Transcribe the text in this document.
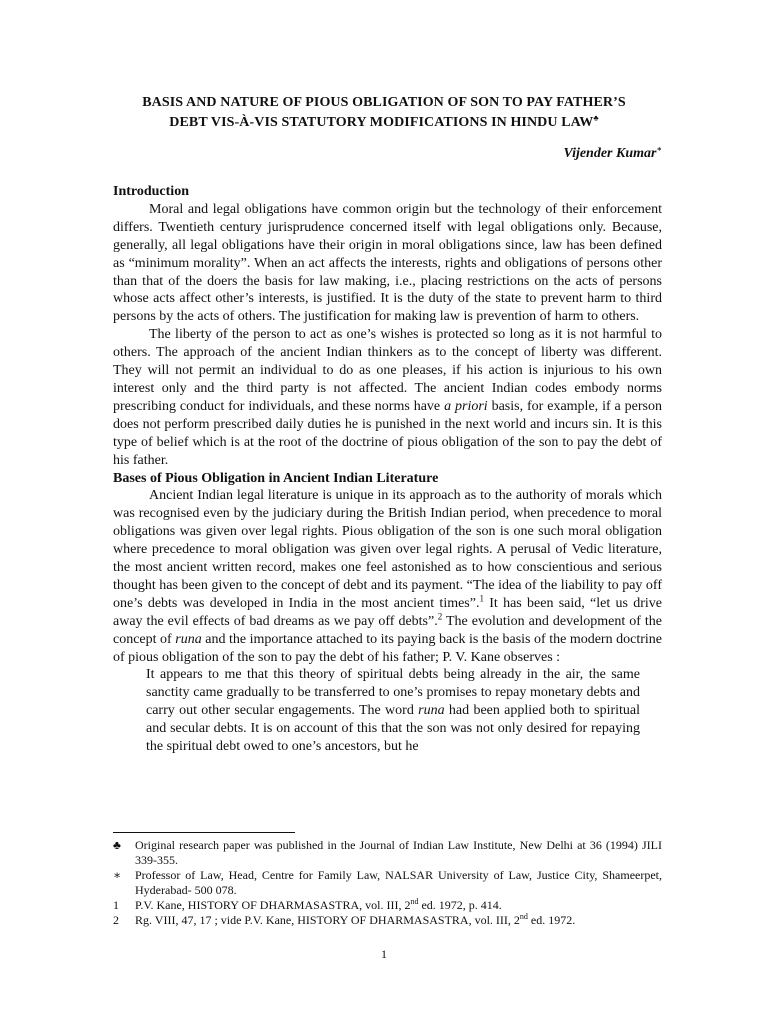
BASIS AND NATURE OF PIOUS OBLIGATION OF SON TO PAY FATHER’S
DEBT VIS-À-VIS STATUTORY MODIFICATIONS IN HINDU LAW♣
Vijender Kumar∗
Introduction

Moral and legal obligations have common origin but the technology of their enforcement differs. Twentieth century jurisprudence concerned itself with legal obligations only. Because, generally, all legal obligations have their origin in moral obligations since, law has been defined as “minimum morality”. When an act affects the interests, rights and obligations of persons other than that of the doers the basis for law making, i.e., placing restrictions on the acts of persons whose acts affect other’s interests, is justified. It is the duty of the state to prevent harm to third persons by the acts of others. The justification for making law is prevention of harm to others.

The liberty of the person to act as one’s wishes is protected so long as it is not harmful to others. The approach of the ancient Indian thinkers as to the concept of liberty was different. They will not permit an individual to do as one pleases, if his action is injurious to his own interest only and the third party is not affected. The ancient Indian codes embody norms prescribing conduct for individuals, and these norms have a priori basis, for example, if a person does not perform prescribed daily duties he is punished in the next world and incurs sin. It is this type of belief which is at the root of the doctrine of pious obligation of the son to pay the debt of his father.

Bases of Pious Obligation in Ancient Indian Literature

Ancient Indian legal literature is unique in its approach as to the authority of morals which was recognised even by the judiciary during the British Indian period, when precedence to moral obligations was given over legal rights. Pious obligation of the son is one such moral obligation where precedence to moral obligation was given over legal rights. A perusal of Vedic literature, the most ancient written record, makes one feel astonished as to how conscientious and serious thought has been given to the concept of debt and its payment. “The idea of the liability to pay off one’s debts was developed in India in the most ancient times”.$^1$ It has been said, “let us drive away the evil effects of bad dreams as we pay off debts”.$^2$ The evolution and development of the concept of runa and the importance attached to its paying back is the basis of the modern doctrine of pious obligation of the son to pay the debt of his father; P. V. Kane observes :

It appears to me that this theory of spiritual debts being already in the air, the same sanctity came gradually to be transferred to one’s promises to repay monetary debts and carry out other secular engagements. The word runa had been applied both to spiritual and secular debts. It is on account of this that the son was not only desired for repaying the spiritual debt owed to one’s ancestors, but he

♣	Original research paper was published in the Journal of Indian Law Institute, New Delhi at 36 (1994) JILI 339-355.
∗	Professor of Law, Head, Centre for Family Law, NALSAR University of Law, Justice City, Shameerpet, Hyderabad- 500 078.
1	P.V. Kane, HISTORY OF DHARMASASTRA, vol. III, 2nd ed. 1972, p. 414.
2	Rg. VIII, 47, 17 ; vide P.V. Kane, HISTORY OF DHARMASASTRA, vol. III, 2nd ed. 1972.
1
